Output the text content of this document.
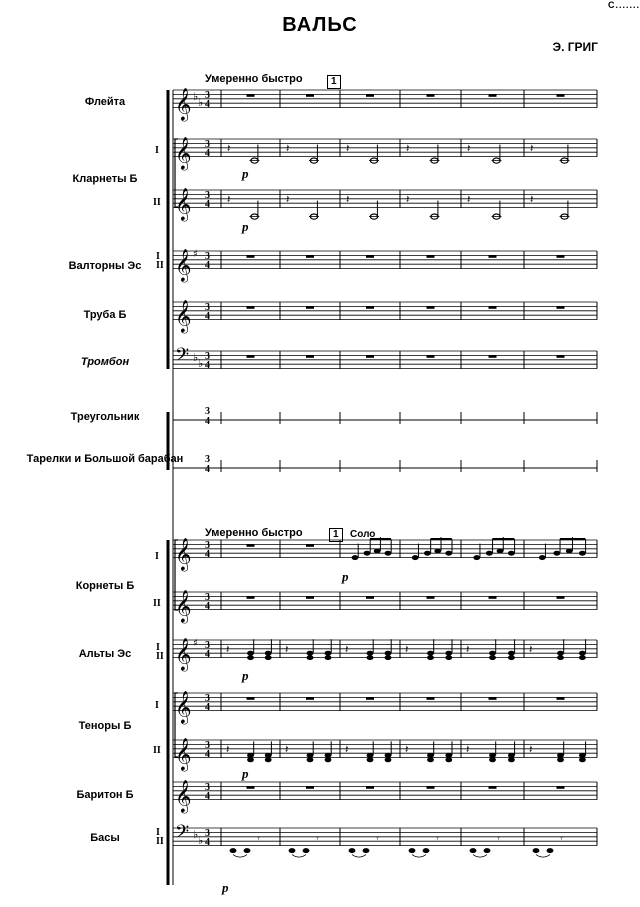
С.......
ВАЛЬС
Э. ГРИГ
Умеренно быстро	1
Умеренно быстро	1	Соло
Флейта
Кларнеты Б
Валторны Эс
Труба Б
Тромбон
Треугольник
Тарелки и Большой барабан
Корнеты Б
Альты Эс
Теноры Б
Баритон Б
Басы
I
II
I II
I
II
I II
I
II
I II
p
p
p
p
p
p
𝄞 ♭ ♭
3
4
𝄞 3
4 𝄽	𝄽	𝄽	𝄽	𝄽	𝄽
𝄞 3
4 𝄽	𝄽	𝄽	𝄽	𝄽	𝄽
𝄞 ♯ 3
4
𝄞 3
4
𝄢 ♭ ♭
3
4
𝄞 3
4
𝄞 3
4
𝄞 ♯ 3
4 𝄽	𝄽	𝄽	𝄽	𝄽	𝄽
𝄞 3
4
𝄞 3
4 𝄽	𝄽	𝄽	𝄽	𝄽	𝄽
𝄞 3
4
𝄢 ♭ ♭
3
4	𝄾	𝄾	𝄾	𝄾	𝄾	𝄾
3
4
3
4
